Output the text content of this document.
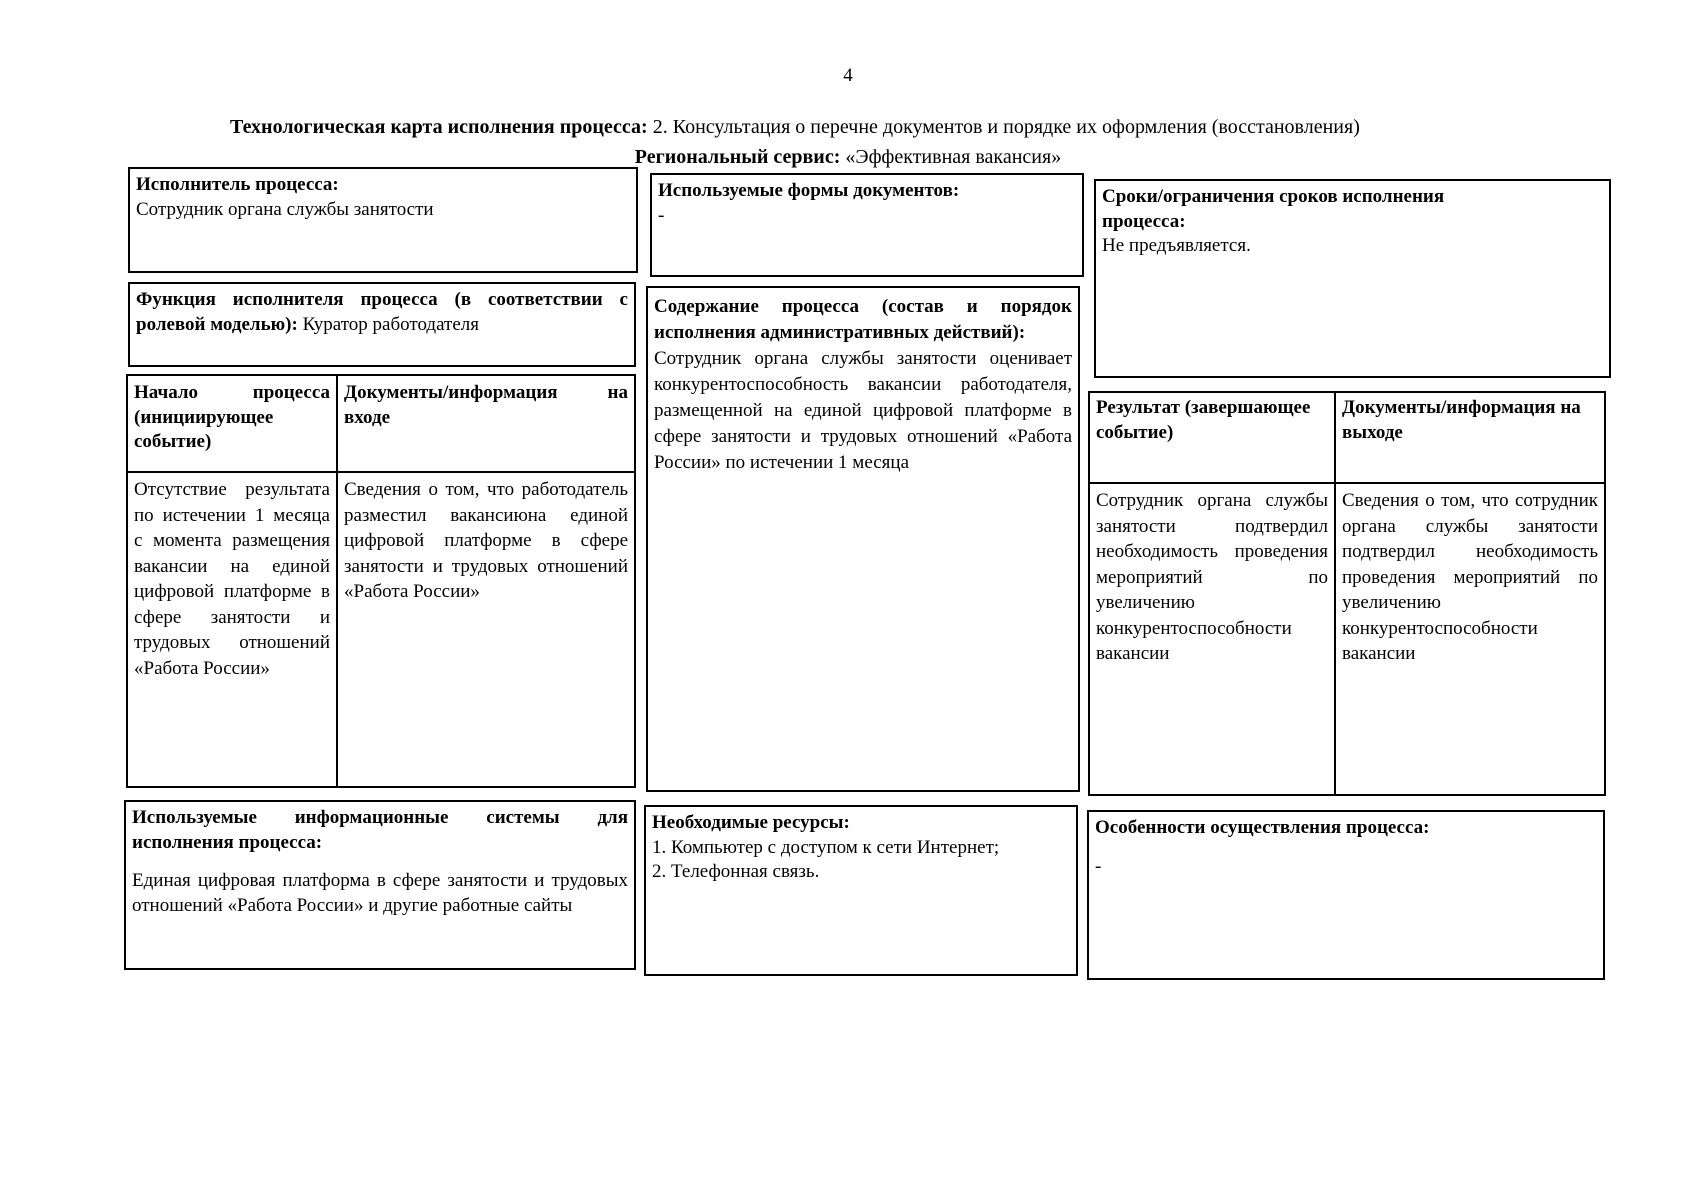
4
Технологическая карта исполнения процесса: 2. Консультация о перечне документов и порядке их оформления (восстановления)
Региональный сервис: «Эффективная вакансия»
Исполнитель процесса:
Сотрудник органа службы занятости
Используемые формы документов:
-
Сроки/ограничения сроков исполнения процесса:
Не предъявляется.
Функция исполнителя процесса (в соответствии с ролевой моделью): Куратор работодателя
Начало процесса (инициирующее событие)
Документы/информация на входе
Отсутствие результата по истечении 1 месяца с момента размещения вакансии на единой цифровой платформе в сфере занятости и трудовых отношений «Работа России»
Сведения о том, что работодатель разместил вакансиюна единой цифровой платформе в сфере занятости и трудовых отношений «Работа России»
Содержание процесса (состав и порядок исполнения административных действий):
Сотрудник органа службы занятости оценивает конкурентоспособность вакансии работодателя, размещенной на единой цифровой платформе в сфере занятости и трудовых отношений «Работа России» по истечении 1 месяца
Результат (завершающее событие)
Документы/информация на выходе
Сотрудник органа службы занятости подтвердил необходимость проведения мероприятий по увеличению конкурентоспособности вакансии
Сведения о том, что сотрудник органа службы занятости подтвердил необходимость проведения мероприятий по увеличению конкурентоспособности вакансии
Используемые информационные системы для исполнения процесса:
Единая цифровая платформа в сфере занятости и трудовых отношений «Работа России» и другие работные сайты
Необходимые ресурсы:
1. Компьютер с доступом к сети Интернет;
2. Телефонная связь.
Особенности осуществления процесса:
-
